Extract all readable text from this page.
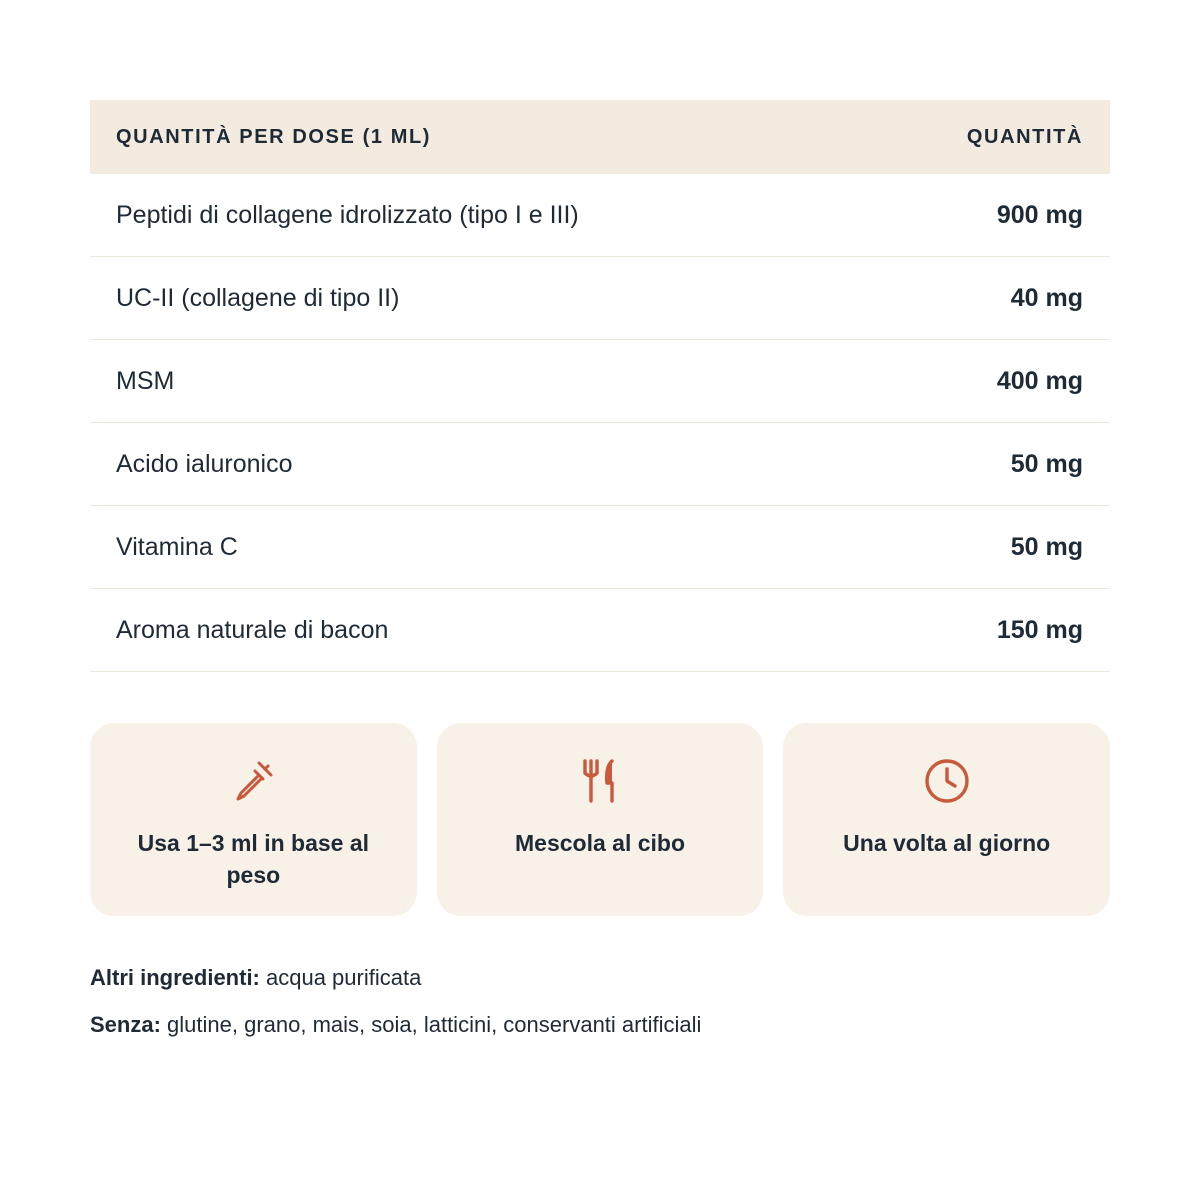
QUANTITÀ PER DOSE (1 ML)	QUANTITÀ
Peptidi di collagene idrolizzato (tipo I e III)	900 mg
UC-II (collagene di tipo II)	40 mg
MSM	400 mg
Acido ialuronico	50 mg
Vitamina C	50 mg
Aroma naturale di bacon	150 mg
Usa 1–3 ml in base al peso
Mescola al cibo	Una volta al giorno

Altri ingredienti: acqua purificata

Senza: glutine, grano, mais, soia, latticini, conservanti artificiali
